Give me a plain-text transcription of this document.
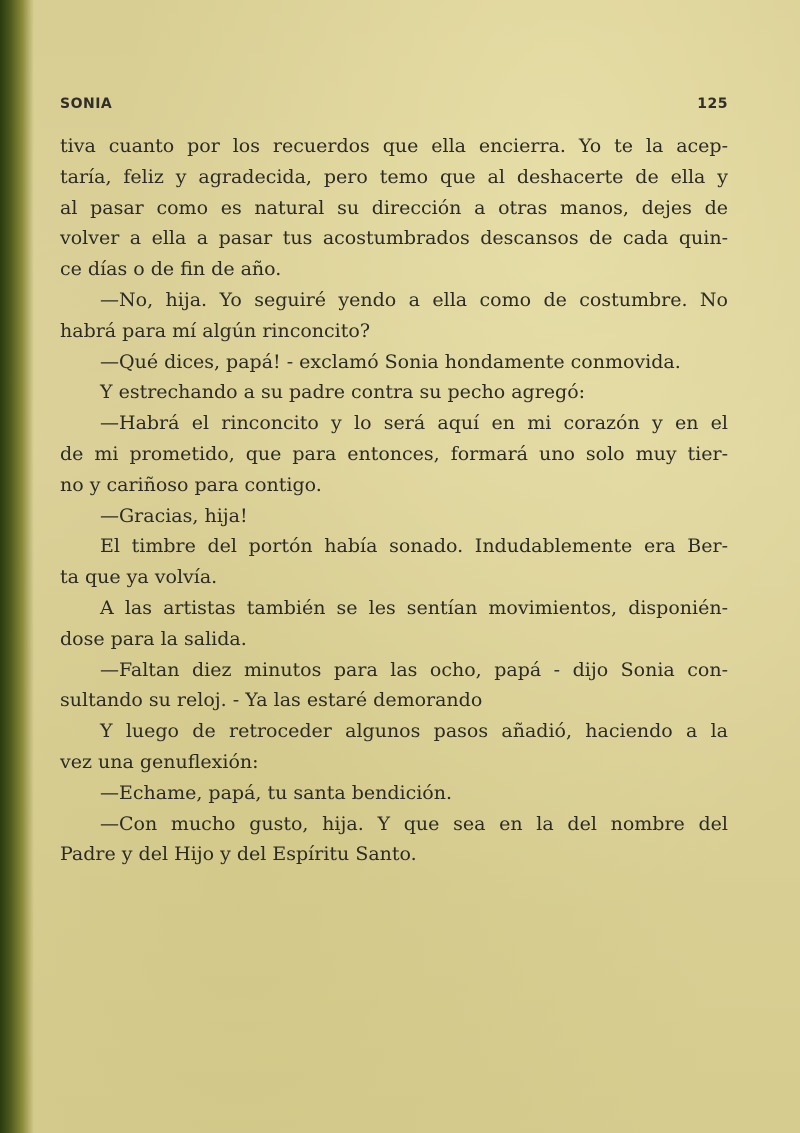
SONIA	125
tiva cuanto por los recuerdos que ella encierra. Yo te la acep-
taría, feliz y agradecida, pero temo que al deshacerte de ella y
al pasar como es natural su dirección a otras manos, dejes de
volver a ella a pasar tus acostumbrados descansos de cada quin-
ce días o de fin de año.
—No, hija. Yo seguiré yendo a ella como de costumbre. No
habrá para mí algún rinconcito?
—Qué dices, papá! - exclamó Sonia hondamente conmovida.
Y estrechando a su padre contra su pecho agregó:
—Habrá el rinconcito y lo será aquí en mi corazón y en el
de mi prometido, que para entonces, formará uno solo muy tier-
no y cariñoso para contigo.
—Gracias, hija!
El timbre del portón había sonado. Indudablemente era Ber-
ta que ya volvía.
A las artistas también se les sentían movimientos, disponién-
dose para la salida.
—Faltan diez minutos para las ocho, papá - dijo Sonia con-
sultando su reloj. - Ya las estaré demorando
Y luego de retroceder algunos pasos añadió, haciendo a la
vez una genuflexión:
—Echame, papá, tu santa bendición.
—Con mucho gusto, hija. Y que sea en la del nombre del
Padre y del Hijo y del Espíritu Santo.
